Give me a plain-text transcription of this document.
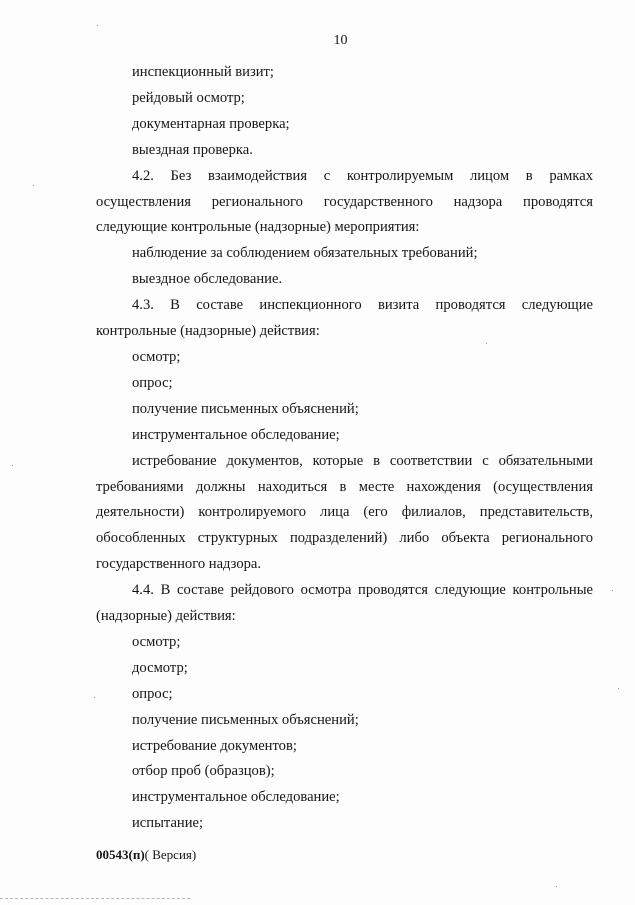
10

инспекционный визит;

рейдовый осмотр;

документарная проверка;

выездная проверка.

4.2. Без взаимодействия с контролируемым лицом в рамках осуществления регионального государственного надзора проводятся следующие контрольные (надзорные) мероприятия:

наблюдение за соблюдением обязательных требований;

выездное обследование.

4.3. В составе инспекционного визита проводятся следующие контрольные (надзорные) действия:

осмотр;

опрос;

получение письменных объяснений;

инструментальное обследование;

истребование документов, которые в соответствии с обязательными требованиями должны находиться в месте нахождения (осуществления деятельности) контролируемого лица (его филиалов, представительств, обособленных структурных подразделений) либо объекта регионального государственного надзора.

4.4. В составе рейдового осмотра проводятся следующие контрольные (надзорные) действия:

осмотр;

досмотр;

опрос;

получение письменных объяснений;

истребование документов;

отбор проб (образцов);

инструментальное обследование;

испытание;

00543(п)( Версия)
